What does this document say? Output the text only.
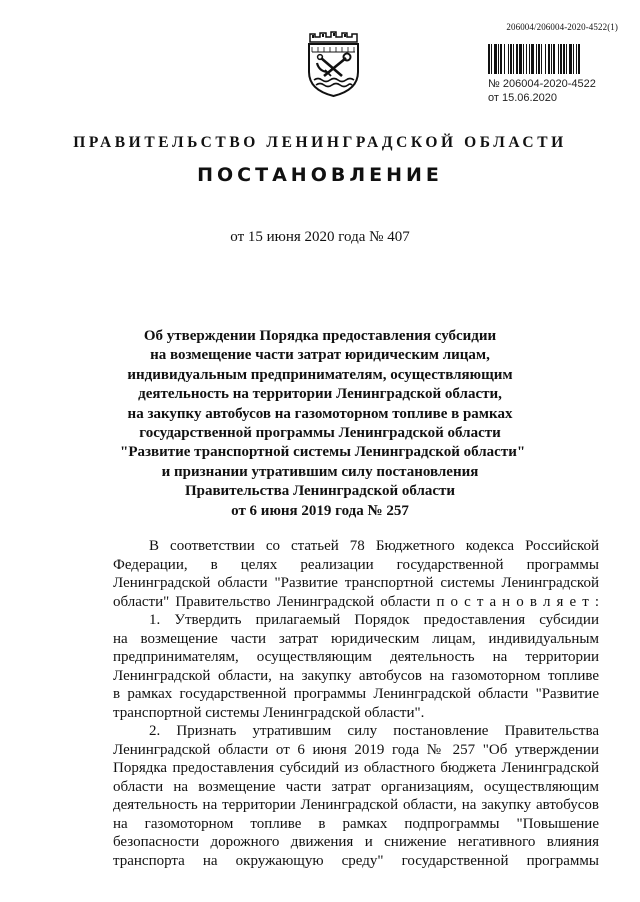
206004/206004-2020-4522(1)
№ 206004-2020-4522
от 15.06.2020
ПРАВИТЕЛЬСТВО ЛЕНИНГРАДСКОЙ ОБЛАСТИ
ПОСТАНОВЛЕНИЕ
от 15 июня 2020 года № 407
Об утверждении Порядка предоставления субсидии
на возмещение части затрат юридическим лицам,
индивидуальным предпринимателям, осуществляющим
деятельность на территории Ленинградской области,
на закупку автобусов на газомоторном топливе в рамках
государственной программы Ленинградской области
"Развитие транспортной системы Ленинградской области"
и признании утратившим силу постановления
Правительства Ленинградской области
от 6 июня 2019 года № 257
В соответствии со статьей 78 Бюджетного кодекса Российской
Федерации, в целях реализации государственной программы
Ленинградской области "Развитие транспортной системы Ленинградской
области" Правительство Ленинградской области п о с т а н о в л я е т :
1. Утвердить прилагаемый Порядок предоставления субсидии
на возмещение части затрат юридическим лицам, индивидуальным
предпринимателям, осуществляющим деятельность на территории
Ленинградской области, на закупку автобусов на газомоторном топливе
в рамках государственной программы Ленинградской области "Развитие
транспортной системы Ленинградской области".
2. Признать утратившим силу постановление Правительства
Ленинградской области от 6 июня 2019 года № 257 "Об утверждении
Порядка предоставления субсидий из областного бюджета Ленинградской
области на возмещение части затрат организациям, осуществляющим
деятельность на территории Ленинградской области, на закупку автобусов
на газомоторном топливе в рамках подпрограммы "Повышение
безопасности дорожного движения и снижение негативного влияния
транспорта на окружающую среду" государственной программы
